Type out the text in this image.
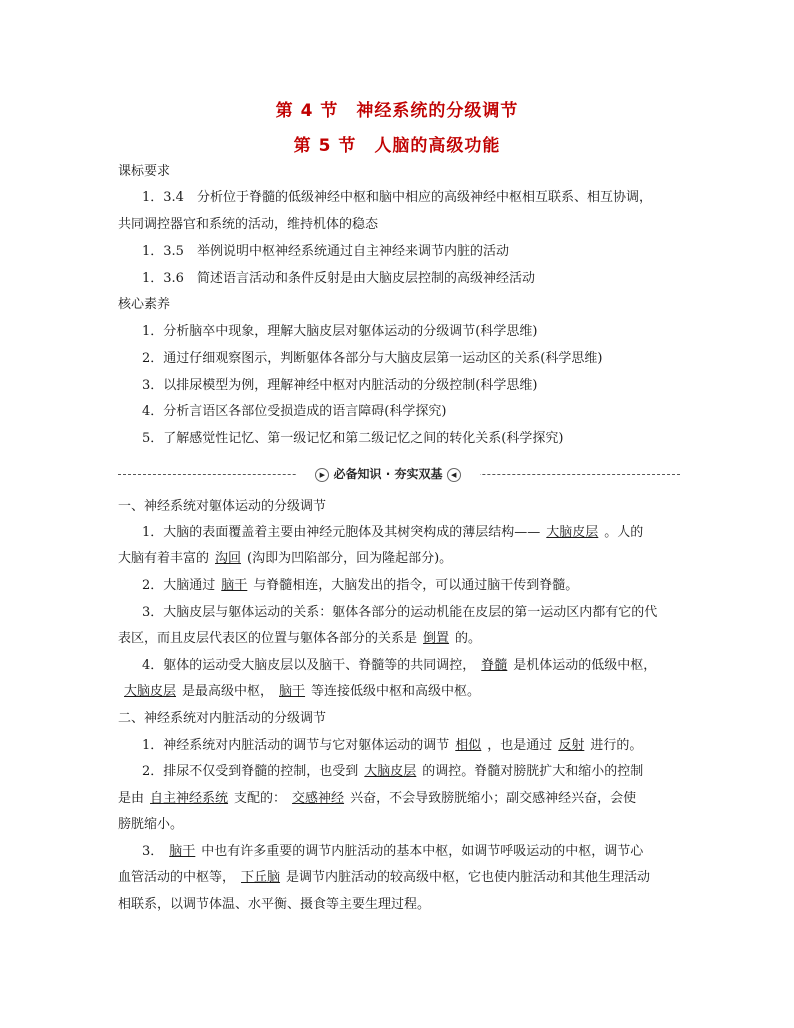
第 4 节 神经系统的分级调节
第 5 节 人脑的高级功能
课标要求
1．3.4　分析位于脊髓的低级神经中枢和脑中相应的高级神经中枢相互联系、相互协调，
共同调控器官和系统的活动，维持机体的稳态
1．3.5　举例说明中枢神经系统通过自主神经来调节内脏的活动
1．3.6　简述语言活动和条件反射是由大脑皮层控制的高级神经活动
核心素养
1．分析脑卒中现象，理解大脑皮层对躯体运动的分级调节(科学思维)
2．通过仔细观察图示，判断躯体各部分与大脑皮层第一运动区的关系(科学思维)
3．以排尿模型为例，理解神经中枢对内脏活动的分级控制(科学思维)
4．分析言语区各部位受损造成的语言障碍(科学探究)
5．了解感觉性记忆、第一级记忆和第二级记忆之间的转化关系(科学探究)
▶ 必备知识 · 夯实双基 ◀
一、神经系统对躯体运动的分级调节
1．大脑的表面覆盖着主要由神经元胞体及其树突构成的薄层结构—— 大脑皮层 。人的
大脑有着丰富的 沟回 (沟即为凹陷部分，回为隆起部分)。
2．大脑通过 脑干 与脊髓相连，大脑发出的指令，可以通过脑干传到脊髓。
3．大脑皮层与躯体运动的关系：躯体各部分的运动机能在皮层的第一运动区内都有它的代
表区，而且皮层代表区的位置与躯体各部分的关系是 倒置 的。
4．躯体的运动受大脑皮层以及脑干、脊髓等的共同调控， 脊髓 是机体运动的低级中枢，
大脑皮层 是最高级中枢， 脑干 等连接低级中枢和高级中枢。
二、神经系统对内脏活动的分级调节
1．神经系统对内脏活动的调节与它对躯体运动的调节 相似 ，也是通过 反射 进行的。
2．排尿不仅受到脊髓的控制，也受到 大脑皮层 的调控。脊髓对膀胱扩大和缩小的控制
是由 自主神经系统 支配的： 交感神经 兴奋，不会导致膀胱缩小；副交感神经兴奋，会使
膀胱缩小。
3． 脑干 中也有许多重要的调节内脏活动的基本中枢，如调节呼吸运动的中枢，调节心
血管活动的中枢等， 下丘脑 是调节内脏活动的较高级中枢，它也使内脏活动和其他生理活动
相联系，以调节体温、水平衡、摄食等主要生理过程。
